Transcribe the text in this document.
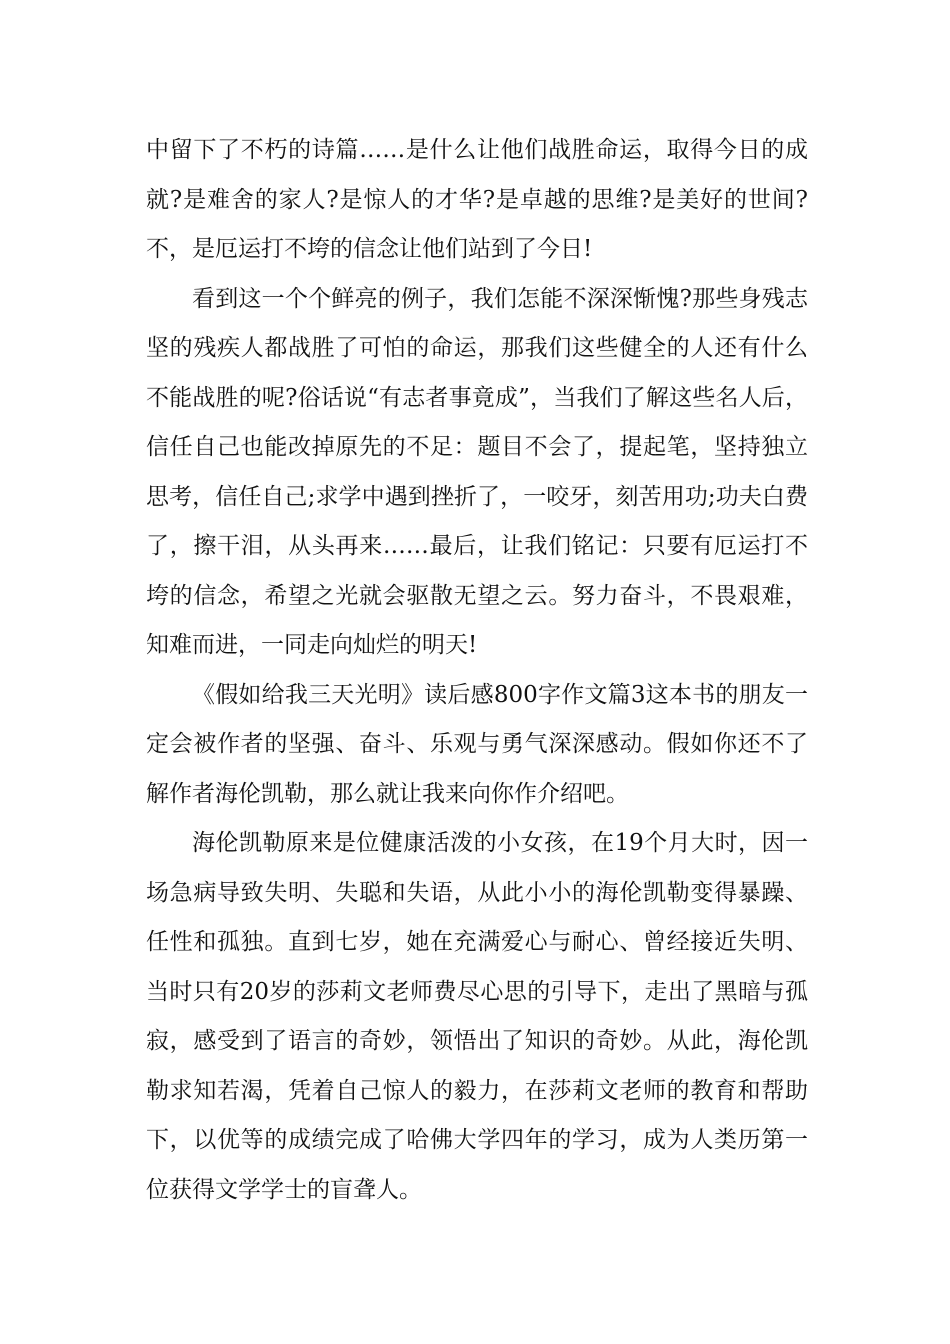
中留下了不朽的诗篇……是什么让他们战胜命运，取得今日的成就?是难舍的家人?是惊人的才华?是卓越的思维?是美好的世间?不，是厄运打不垮的信念让他们站到了今日!

看到这一个个鲜亮的例子，我们怎能不深深惭愧?那些身残志坚的残疾人都战胜了可怕的命运，那我们这些健全的人还有什么不能战胜的呢?俗话说“有志者事竟成”，当我们了解这些名人后，信任自己也能改掉原先的不足：题目不会了，提起笔，坚持独立思考，信任自己;求学中遇到挫折了，一咬牙，刻苦用功;功夫白费了，擦干泪，从头再来……最后，让我们铭记：只要有厄运打不垮的信念，希望之光就会驱散无望之云。努力奋斗，不畏艰难，知难而进，一同走向灿烂的明天!

《假如给我三天光明》读后感800字作文篇3这本书的朋友一定会被作者的坚强、奋斗、乐观与勇气深深感动。假如你还不了解作者海伦凯勒，那么就让我来向你作介绍吧。

海伦凯勒原来是位健康活泼的小女孩，在19个月大时，因一场急病导致失明、失聪和失语，从此小小的海伦凯勒变得暴躁、任性和孤独。直到七岁，她在充满爱心与耐心、曾经接近失明、当时只有20岁的莎莉文老师费尽心思的引导下，走出了黑暗与孤寂，感受到了语言的奇妙，领悟出了知识的奇妙。从此，海伦凯勒求知若渴，凭着自己惊人的毅力，在莎莉文老师的教育和帮助下，以优等的成绩完成了哈佛大学四年的学习，成为人类历第一位获得文学学士的盲聋人。
